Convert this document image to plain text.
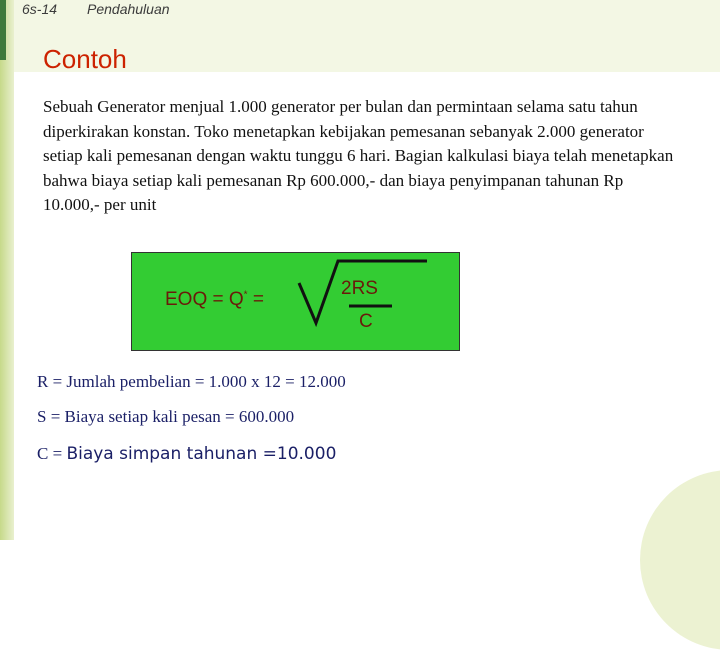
6s-14 Pendahuluan
Contoh
Sebuah Generator menjual 1.000 generator per bulan dan permintaan selama satu tahun diperkirakan konstan. Toko menetapkan kebijakan pemesanan sebanyak 2.000 generator setiap kali pemesanan dengan waktu tunggu 6 hari. Bagian kalkulasi biaya telah menetapkan bahwa biaya setiap kali pemesanan Rp 600.000,- dan biaya penyimpanan tahunan Rp 10.000,- per unit
EOQ = Q* =
2RS
C
R = Jumlah pembelian = 1.000 x 12 = 12.000
S = Biaya setiap kali pesan = 600.000
C = Biaya simpan tahunan =10.000
